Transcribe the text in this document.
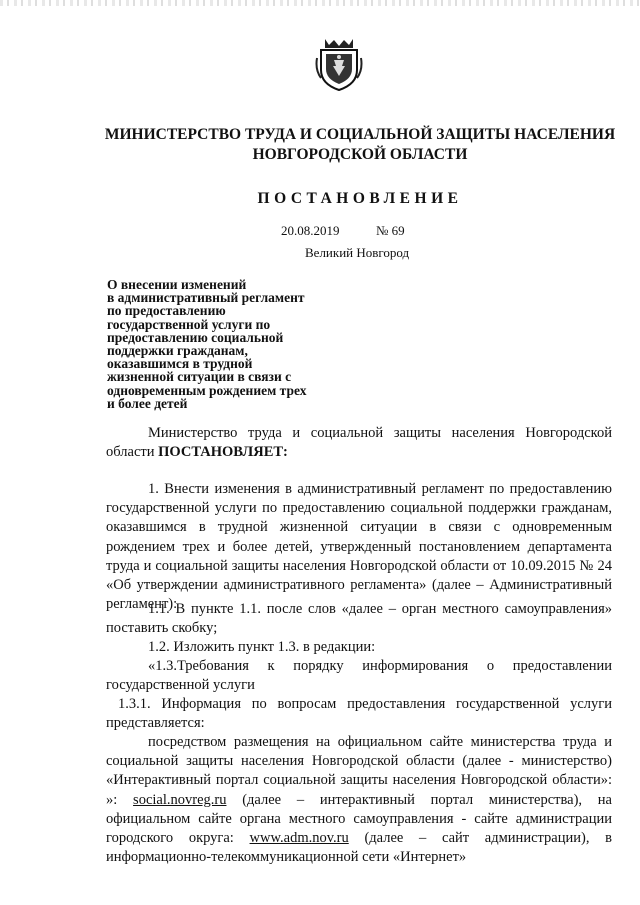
МИНИСТЕРСТВО ТРУДА И СОЦИАЛЬНОЙ ЗАЩИТЫ НАСЕЛЕНИЯ
НОВГОРОДСКОЙ ОБЛАСТИ
ПОСТАНОВЛЕНИЕ
20.08.2019	№ 69
Великий Новгород
О внесении изменений
в административный регламент
по предоставлению
государственной услуги по
предоставлению социальной
поддержки гражданам,
оказавшимся в трудной
жизненной ситуации в связи с
одновременным рождением трех
и более детей

Министерство труда и социальной защиты населения Новгородской области ПОСТАНОВЛЯЕТ:

1. Внести изменения в административный регламент по предоставлению государственной услуги по предоставлению социальной поддержки гражданам, оказавшимся в трудной жизненной ситуации в связи с одновременным рождением трех и более детей, утвержденный постановлением департамента труда и социальной защиты населения Новгородской области от 10.09.2015 № 24 «Об утверждении административного регламента» (далее – Административный регламент):

1.1. В пункте 1.1. после слов «далее – орган местного самоуправления» поставить скобку;

1.2. Изложить пункт 1.3. в редакции:

«1.3.Требования к порядку информирования о предоставлении государственной услуги

1.3.1. Информация по вопросам предоставления государственной услуги представляется:

посредством размещения на официальном сайте министерства труда и социальной защиты населения Новгородской области (далее - министерство) «Интерактивный портал социальной защиты населения Новгородской области»: »: social.novreg.ru (далее – интерактивный портал министерства), на официальном сайте органа местного самоуправления - сайте администрации городского округа: www.adm.nov.ru (далее – сайт администрации), в информационно-телекоммуникационной сети «Интернет»
